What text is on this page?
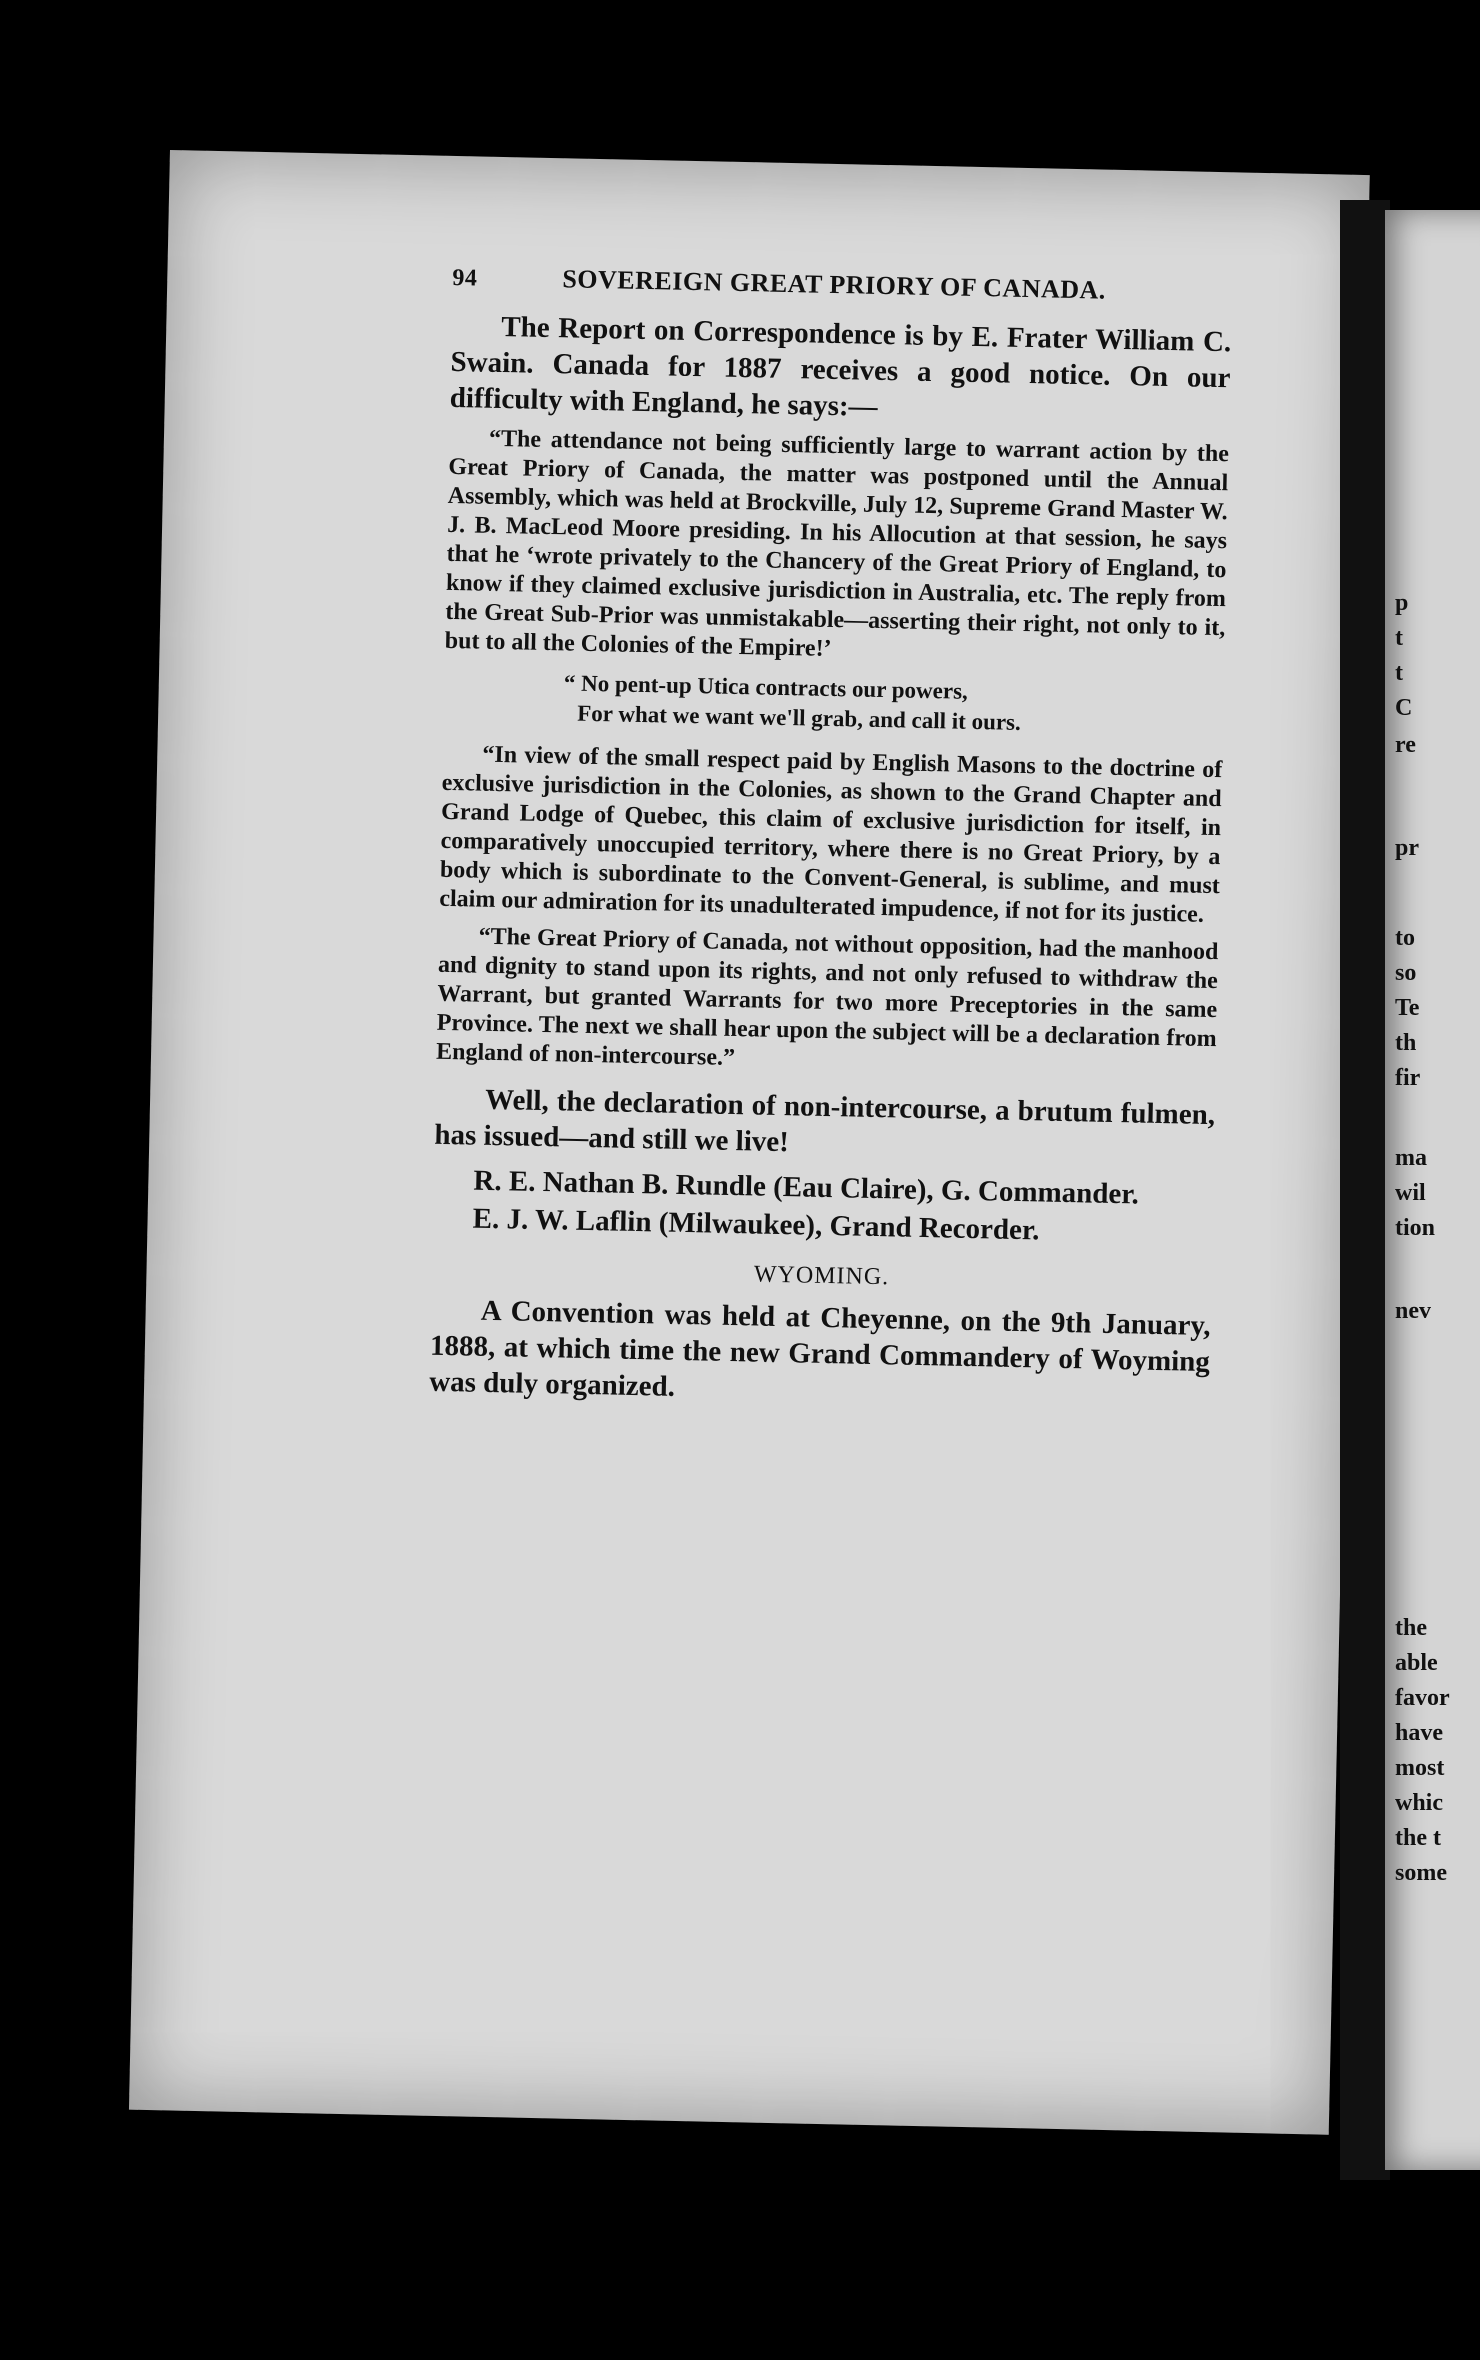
94	SOVEREIGN GREAT PRIORY OF CANADA.

The Report on Correspondence is by E. Frater William C. Swain. Canada for 1887 receives a good notice. On our difficulty with England, he says:—

“The attendance not being sufficiently large to warrant action by the Great Priory of Canada, the matter was postponed until the Annual Assembly, which was held at Brockville, July 12, Supreme Grand Master W. J. B. MacLeod Moore presiding. In his Allocution at that session, he says that he ‘wrote privately to the Chancery of the Great Priory of England, to know if they claimed exclusive jurisdiction in Australia, etc. The reply from the Great Sub-Prior was unmistakable—asserting their right, not only to it, but to all the Colonies of the Empire!’

“ No pent-up Utica contracts our powers,
For what we want we'll grab, and call it ours.

“In view of the small respect paid by English Masons to the doctrine of exclusive jurisdiction in the Colonies, as shown to the Grand Chapter and Grand Lodge of Quebec, this claim of exclusive jurisdiction for itself, in comparatively unoccupied territory, where there is no Great Priory, by a body which is subordinate to the Convent-General, is sublime, and must claim our admiration for its unadulterated impudence, if not for its justice.

“The Great Priory of Canada, not without opposition, had the manhood and dignity to stand upon its rights, and not only refused to withdraw the Warrant, but granted Warrants for two more Preceptories in the same Province. The next we shall hear upon the subject will be a declaration from England of non-intercourse.”

Well, the declaration of non-intercourse, a brutum fulmen, has issued—and still we live!

R. E. Nathan B. Rundle (Eau Claire), G. Commander.
E. J. W. Laflin (Milwaukee), Grand Recorder.
WYOMING.

A Convention was held at Cheyenne, on the 9th January, 1888, at which time the new Grand Commandery of Woyming was duly organized.

p
t
t
C
re
pr
to
so
Te
th
fir
ma
wil
tion
nev
the
able
favor
have
most
whic
the t
some
